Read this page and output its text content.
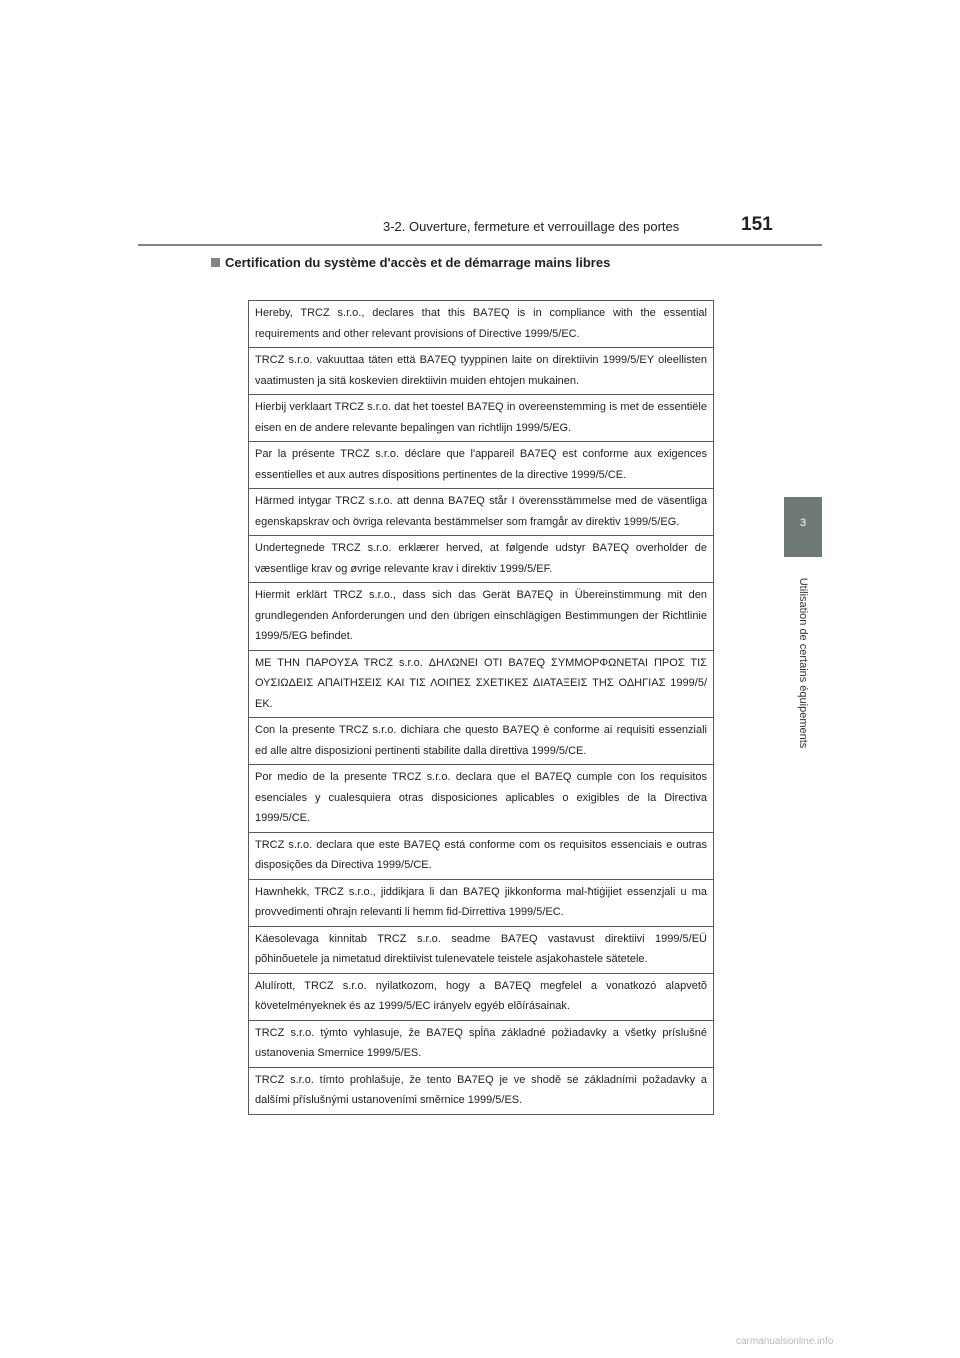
3-2. Ouverture, fermeture et verrouillage des portes	151
3
Utilisation de certains équipements
Certification du système d'accès et de démarrage mains libres
Hereby, TRCZ s.r.o., declares that this BA7EQ is in compliance with the essential requirements and other relevant provisions of Directive 1999/5/EC.
TRCZ s.r.o. vakuuttaa täten että BA7EQ tyyppinen laite on direktiivin 1999/5/EY oleellisten vaatimusten ja sitä koskevien direktiivin muiden ehtojen mukainen.
Hierbij verklaart TRCZ s.r.o. dat het toestel BA7EQ in overeenstemming is met de essentiële eisen en de andere relevante bepalingen van richtlijn 1999/5/EG.
Par la présente TRCZ s.r.o. déclare que l'appareil BA7EQ est conforme aux exigences essentielles et aux autres dispositions pertinentes de la directive 1999/5/CE.
Härmed intygar TRCZ s.r.o. att denna BA7EQ står I överensstämmelse med de väsentliga egenskapskrav och övriga relevanta bestämmelser som framgår av direktiv 1999/5/EG.
Undertegnede TRCZ s.r.o. erklærer herved, at følgende udstyr BA7EQ overholder de væsentlige krav og øvrige relevante krav i direktiv 1999/5/EF.
Hiermit erklärt TRCZ s.r.o., dass sich das Gerät BA7EQ in Übereinstimmung mit den grundlegenden Anforderungen und den übrigen einschlägigen Bestimmungen der Richtlinie 1999/5/EG befindet.
ΜΕ ΤΗΝ ΠΑΡΟΥΣΑ TRCZ s.r.o. ΔΗΛΩΝΕΙ ΟΤΙ BA7EQ ΣΥΜΜΟΡΦΩΝΕΤΑΙ ΠΡΟΣ ΤΙΣ ΟΥΣΙΩΔΕΙΣ ΑΠΑΙΤΗΣΕΙΣ ΚΑΙ ΤΙΣ ΛΟΙΠΕΣ ΣΧΕΤΙΚΕΣ ΔΙΑΤΑΞΕΙΣ ΤΗΣ ΟΔΗΓΙΑΣ 1999/5/ΕΚ.
Con la presente TRCZ s.r.o. dichiara che questo BA7EQ è conforme ai requisiti essenziali ed alle altre disposizioni pertinenti stabilite dalla direttiva 1999/5/CE.
Por medio de la presente TRCZ s.r.o. declara que el BA7EQ cumple con los requisitos esenciales y cualesquiera otras disposiciones aplicables o exigibles de la Directiva 1999/5/CE.
TRCZ s.r.o. declara que este BA7EQ está conforme com os requisitos essenciais e outras disposições da Directiva 1999/5/CE.
Hawnhekk, TRCZ s.r.o., jiddikjara li dan BA7EQ jikkonforma mal-ħtiġijiet essenzjali u ma provvedimenti oħrajn relevanti li hemm fid-Dirrettiva 1999/5/EC.
Käesolevaga kinnitab TRCZ s.r.o. seadme BA7EQ vastavust direktiivi 1999/5/EÜ põhinõuetele ja nimetatud direktiivist tulenevatele teistele asjakohastele sätetele.
Alulírott, TRCZ s.r.o. nyilatkozom, hogy a BA7EQ megfelel a vonatkozó alapvetõ követelményeknek és az 1999/5/EC irányelv egyéb elõírásainak.
TRCZ s.r.o. týmto vyhlasuje, že BA7EQ spĺňa základné požiadavky a všetky príslušné ustanovenia Smernice 1999/5/ES.
TRCZ s.r.o. tímto prohlašuje, že tento BA7EQ je ve shodě se základními požadavky a dalšími příslušnými ustanoveními směrnice 1999/5/ES.
carmanualsonline.info
